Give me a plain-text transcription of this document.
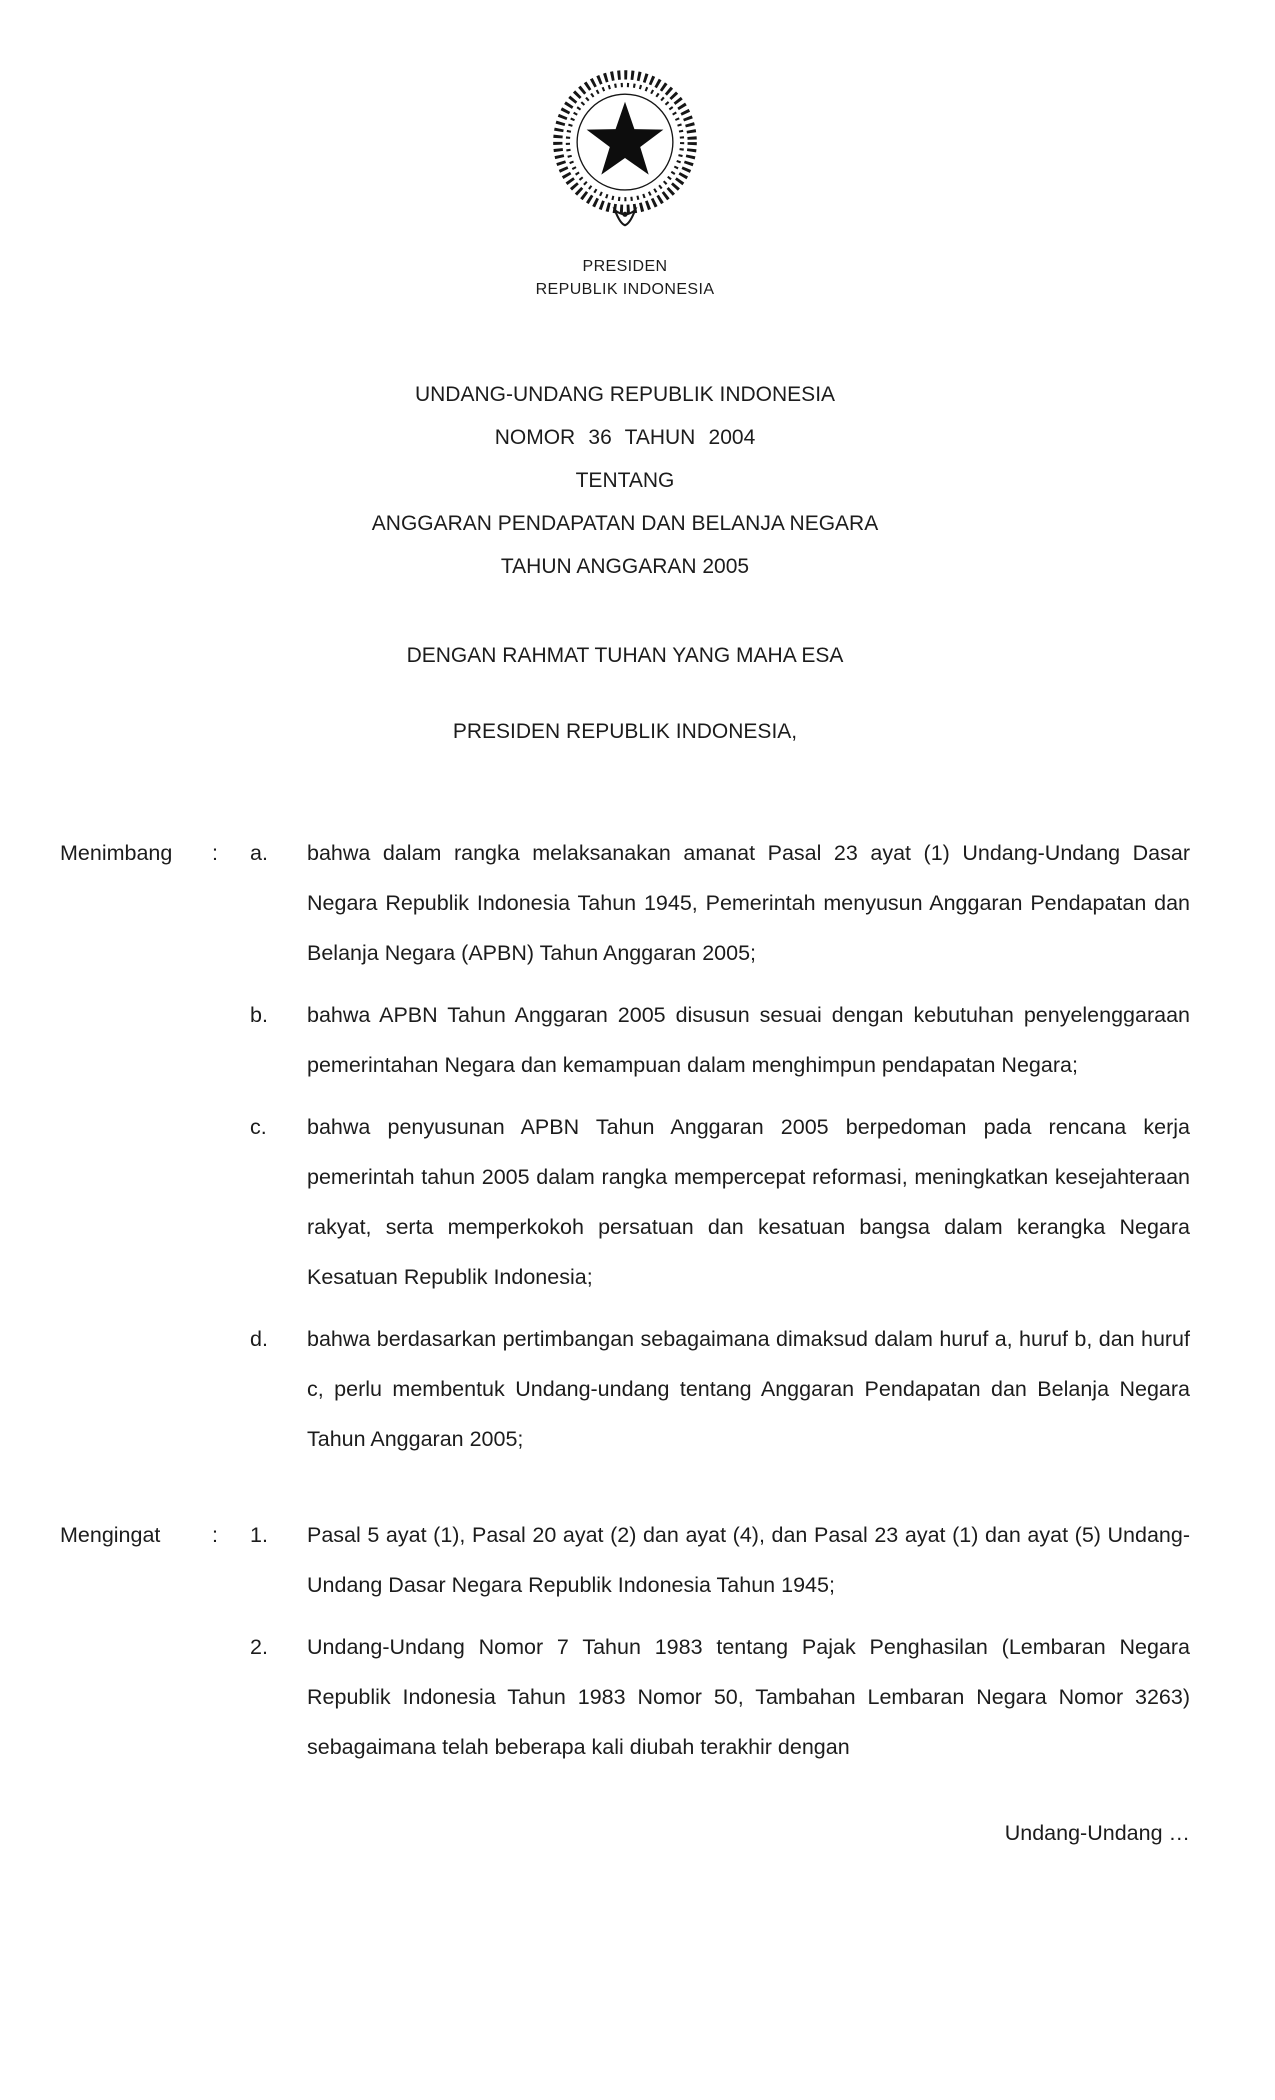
PRESIDEN
REPUBLIK INDONESIA
UNDANG-UNDANG REPUBLIK INDONESIA
NOMOR 36 TAHUN 2004
TENTANG
ANGGARAN PENDAPATAN DAN BELANJA NEGARA
TAHUN ANGGARAN 2005
DENGAN RAHMAT TUHAN YANG MAHA ESA
PRESIDEN REPUBLIK INDONESIA,
Menimbang	:	a.	bahwa dalam rangka melaksanakan amanat Pasal 23 ayat (1) Undang-Undang Dasar Negara Republik Indonesia Tahun 1945, Pemerintah menyusun Anggaran Pendapatan dan Belanja Negara (APBN) Tahun Anggaran 2005;
b.	bahwa APBN Tahun Anggaran 2005 disusun sesuai dengan kebutuhan penyelenggaraan pemerintahan Negara dan kemampuan dalam menghimpun pendapatan Negara;
c.	bahwa penyusunan APBN Tahun Anggaran 2005 berpedoman pada rencana kerja pemerintah tahun 2005 dalam rangka mempercepat reformasi, meningkatkan kesejahteraan rakyat, serta memperkokoh persatuan dan kesatuan bangsa dalam kerangka Negara Kesatuan Republik Indonesia;
d.	bahwa berdasarkan pertimbangan sebagaimana dimaksud dalam huruf a, huruf b, dan huruf c, perlu membentuk Undang-undang tentang Anggaran Pendapatan dan Belanja Negara Tahun Anggaran 2005;
Mengingat	:	1.	Pasal 5 ayat (1), Pasal 20 ayat (2) dan ayat (4), dan Pasal 23 ayat (1) dan ayat (5) Undang-Undang Dasar Negara Republik Indonesia Tahun 1945;
2.	Undang-Undang Nomor 7 Tahun 1983 tentang Pajak Penghasilan (Lembaran Negara Republik Indonesia Tahun 1983 Nomor 50, Tambahan Lembaran Negara Nomor 3263) sebagaimana telah beberapa kali diubah terakhir dengan
Undang-Undang …
